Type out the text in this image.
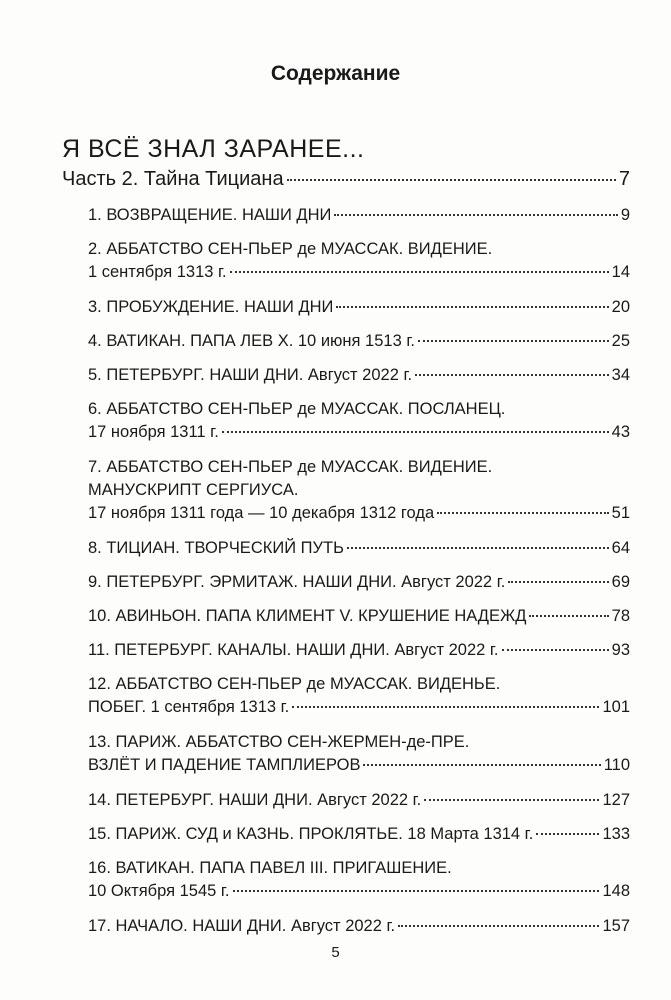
Содержание
Я ВСЁ ЗНАЛ ЗАРАНЕЕ...
Часть 2. Тайна Тициана	7
1. ВОЗВРАЩЕНИЕ. НАШИ ДНИ	9
2. АББАТСТВО СЕН-ПЬЕР де МУАССАК. ВИДЕНИЕ.
1 сентября 1313 г.	14
3. ПРОБУЖДЕНИЕ. НАШИ ДНИ	20
4. ВАТИКАН. ПАПА ЛЕВ X. 10 июня 1513 г.	25
5. ПЕТЕРБУРГ. НАШИ ДНИ. Август 2022 г.	34
6. АББАТСТВО СЕН-ПЬЕР де МУАССАК. ПОСЛАНЕЦ.
17 ноября 1311 г.	43
7. АББАТСТВО СЕН-ПЬЕР де МУАССАК. ВИДЕНИЕ.
МАНУСКРИПТ СЕРГИУСА.
17 ноября 1311 года — 10 декабря 1312 года	51
8. ТИЦИАН. ТВОРЧЕСКИЙ ПУТЬ	64
9. ПЕТЕРБУРГ. ЭРМИТАЖ. НАШИ ДНИ. Август 2022 г.	69
10. АВИНЬОН. ПАПА КЛИМЕНТ V. КРУШЕНИЕ НАДЕЖД	78
11. ПЕТЕРБУРГ. КАНАЛЫ. НАШИ ДНИ. Август 2022 г.	93
12. АББАТСТВО СЕН-ПЬЕР де МУАССАК. ВИДЕНЬЕ.
ПОБЕГ. 1 сентября 1313 г.	101
13. ПАРИЖ. АББАТСТВО СЕН-ЖЕРМЕН-де-ПРЕ.
ВЗЛЁТ И ПАДЕНИЕ ТАМПЛИЕРОВ	110
14. ПЕТЕРБУРГ. НАШИ ДНИ. Август 2022 г.	127
15. ПАРИЖ. СУД и КАЗНЬ. ПРОКЛЯТЬЕ. 18 Марта 1314 г.	133
16. ВАТИКАН. ПАПА ПАВЕЛ III. ПРИГАШЕНИЕ.
10 Октября 1545 г.	148
17. НАЧАЛО. НАШИ ДНИ. Август 2022 г.	157
5
